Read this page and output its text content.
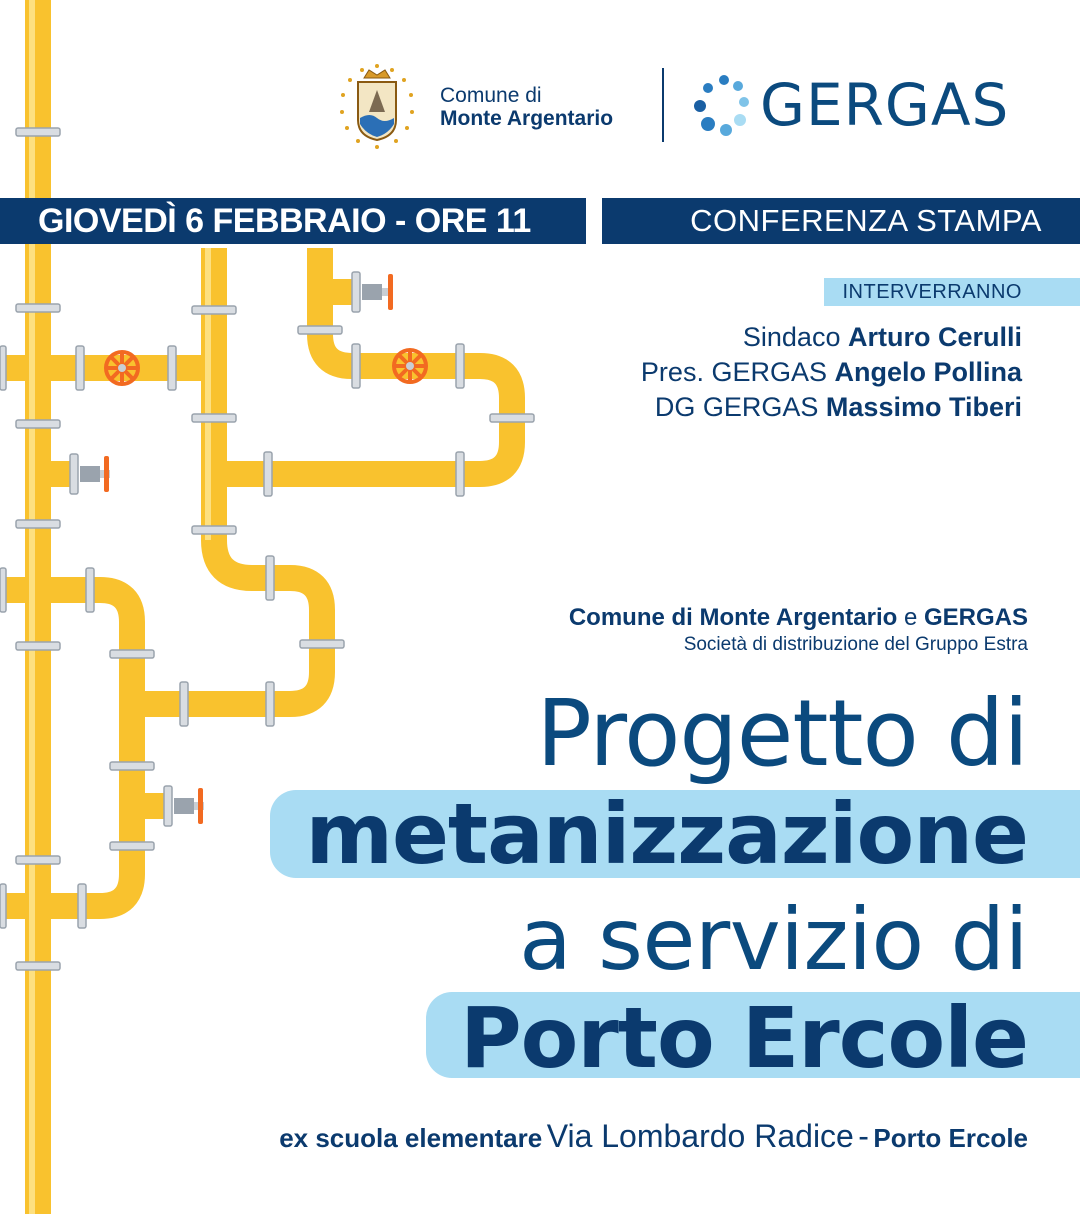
Comune di
Monte Argentario	GERGAS
GIOVEDÌ 6 FEBBRAIO - ORE 11	CONFERENZA STAMPA
INTERVERRANNO
Sindaco Arturo Cerulli
Pres. GERGAS Angelo Pollina
DG GERGAS Massimo Tiberi
Comune di Monte Argentario e GERGAS
Società di distribuzione del Gruppo Estra
Progetto di
metanizzazione
a servizio di
Porto Ercole
ex scuola elementare Via Lombardo Radice - Porto Ercole
